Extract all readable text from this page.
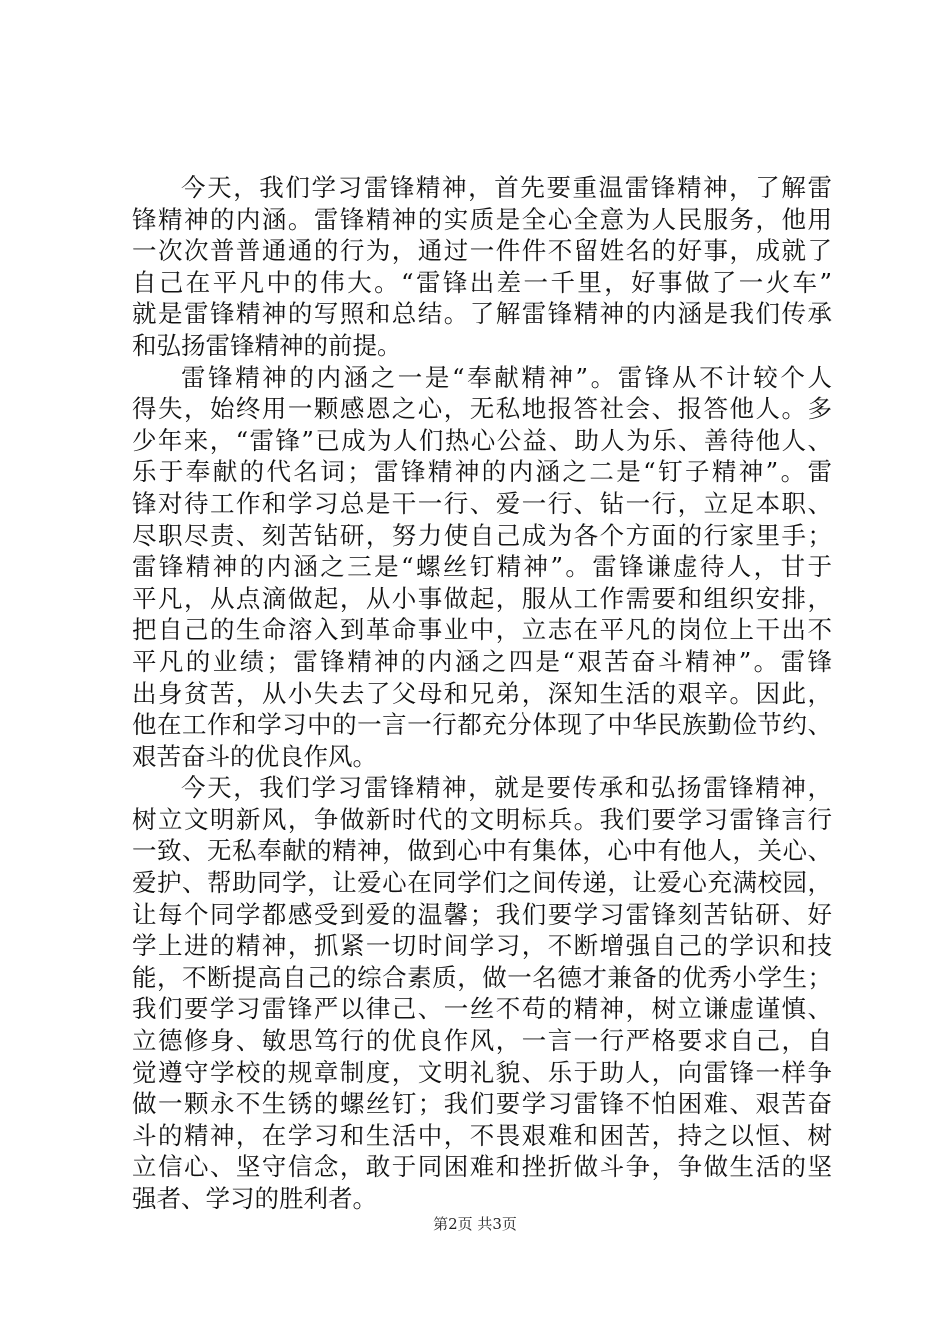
今天，我们学习雷锋精神，首先要重温雷锋精神，了解雷
锋精神的内涵。雷锋精神的实质是全心全意为人民服务，他用
一次次普普通通的行为，通过一件件不留姓名的好事，成就了
自己在平凡中的伟大。“雷锋出差一千里，好事做了一火车”
就是雷锋精神的写照和总结。了解雷锋精神的内涵是我们传承
和弘扬雷锋精神的前提。
雷锋精神的内涵之一是“奉献精神”。雷锋从不计较个人
得失，始终用一颗感恩之心，无私地报答社会、报答他人。多
少年来，“雷锋”已成为人们热心公益、助人为乐、善待他人、
乐于奉献的代名词；雷锋精神的内涵之二是“钉子精神”。雷
锋对待工作和学习总是干一行、爱一行、钻一行，立足本职、
尽职尽责、刻苦钻研，努力使自己成为各个方面的行家里手；
雷锋精神的内涵之三是“螺丝钉精神”。雷锋谦虚待人，甘于
平凡，从点滴做起，从小事做起，服从工作需要和组织安排，
把自己的生命溶入到革命事业中，立志在平凡的岗位上干出不
平凡的业绩；雷锋精神的内涵之四是“艰苦奋斗精神”。雷锋
出身贫苦，从小失去了父母和兄弟，深知生活的艰辛。因此，
他在工作和学习中的一言一行都充分体现了中华民族勤俭节约、
艰苦奋斗的优良作风。
今天，我们学习雷锋精神，就是要传承和弘扬雷锋精神，
树立文明新风，争做新时代的文明标兵。我们要学习雷锋言行
一致、无私奉献的精神，做到心中有集体，心中有他人，关心、
爱护、帮助同学，让爱心在同学们之间传递，让爱心充满校园，
让每个同学都感受到爱的温馨；我们要学习雷锋刻苦钻研、好
学上进的精神，抓紧一切时间学习，不断增强自己的学识和技
能，不断提高自己的综合素质，做一名德才兼备的优秀小学生；
我们要学习雷锋严以律己、一丝不苟的精神，树立谦虚谨慎、
立德修身、敏思笃行的优良作风，一言一行严格要求自己，自
觉遵守学校的规章制度，文明礼貌、乐于助人，向雷锋一样争
做一颗永不生锈的螺丝钉；我们要学习雷锋不怕困难、艰苦奋
斗的精神，在学习和生活中，不畏艰难和困苦，持之以恒、树
立信心、坚守信念，敢于同困难和挫折做斗争，争做生活的坚
强者、学习的胜利者。
第2页 共3页
